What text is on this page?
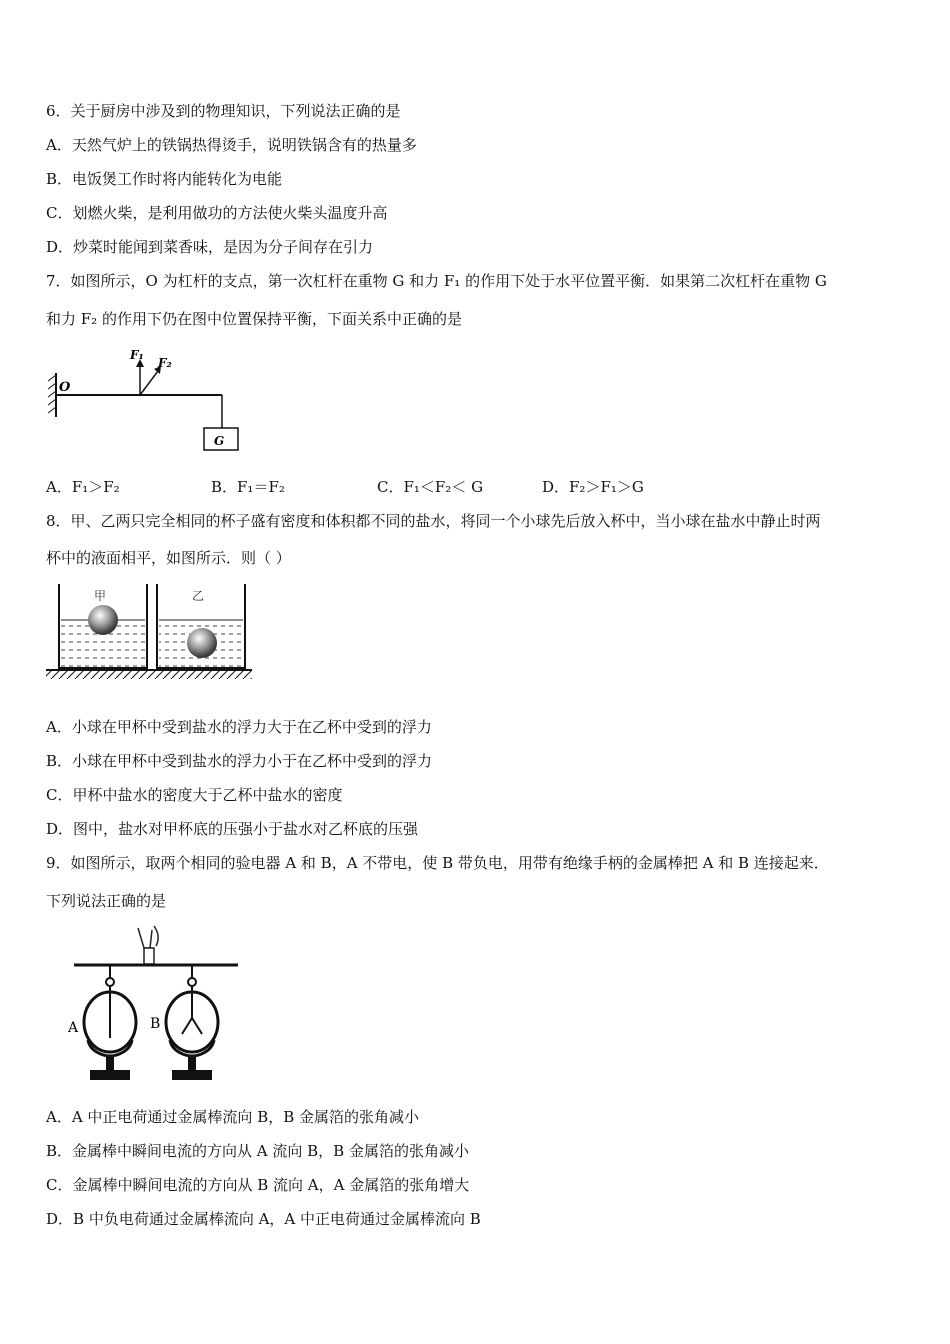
6．关于厨房中涉及到的物理知识，下列说法正确的是
A．天然气炉上的铁锅热得烫手，说明铁锅含有的热量多
B．电饭煲工作时将内能转化为电能
C．划燃火柴，是利用做功的方法使火柴头温度升高
D．炒菜时能闻到菜香味，是因为分子间存在引力
7．如图所示，O 为杠杆的支点，第一次杠杆在重物 G 和力 F₁ 的作用下处于水平位置平衡．如果第二次杠杆在重物 G
和力 F₂ 的作用下仍在图中位置保持平衡，下面关系中正确的是
G
O
F₁
F₂
A．F₁＞F₂	B．F₁＝F₂	C．F₁＜F₂＜ G	D．F₂＞F₁＞G
8．甲、乙两只完全相同的杯子盛有密度和体积都不同的盐水，将同一个小球先后放入杯中，当小球在盐水中静止时两
杯中的液面相平，如图所示．则（ ）
甲	乙
A．小球在甲杯中受到盐水的浮力大于在乙杯中受到的浮力
B．小球在甲杯中受到盐水的浮力小于在乙杯中受到的浮力
C．甲杯中盐水的密度大于乙杯中盐水的密度
D．图中，盐水对甲杯底的压强小于盐水对乙杯底的压强
9．如图所示，取两个相同的验电器 A 和 B，A 不带电，使 B 带负电，用带有绝缘手柄的金属棒把 A 和 B 连接起来．
下列说法正确的是
A	B
A．A 中正电荷通过金属棒流向 B，B 金属箔的张角减小
B．金属棒中瞬间电流的方向从 A 流向 B，B 金属箔的张角减小
C．金属棒中瞬间电流的方向从 B 流向 A，A 金属箔的张角增大
D．B 中负电荷通过金属棒流向 A，A 中正电荷通过金属棒流向 B
